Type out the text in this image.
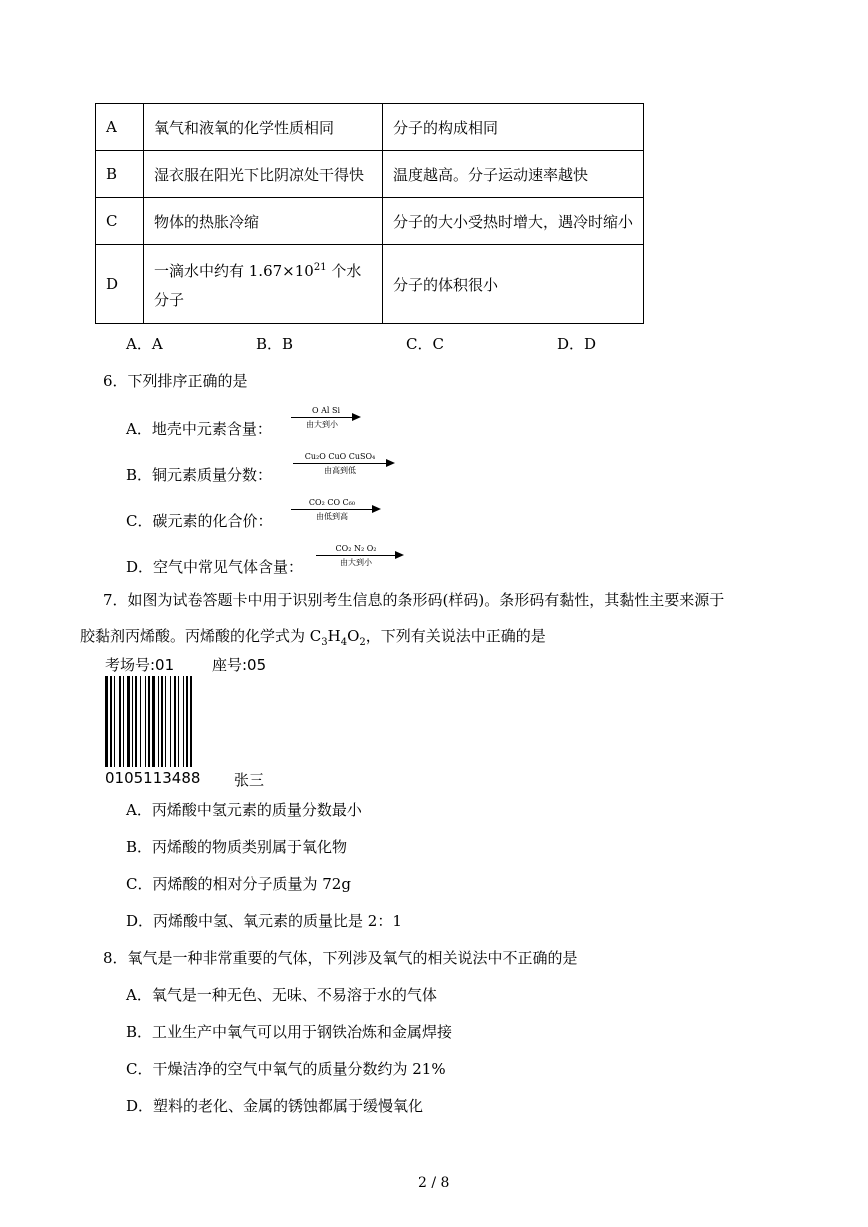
A	氧气和液氧的化学性质相同	分子的构成相同
B	湿衣服在阳光下比阴凉处干得快	温度越高。分子运动速率越快
C	物体的热胀冷缩	分子的大小受热时增大，遇冷时缩小
D	一滴水中约有 $1.67\times 10^{21}$ 个水分子	分子的体积很小
A．A	B．B	C．C	D．D
6．下列排序正确的是
A．地壳中元素含量：
O Al Si
由大到小
B．铜元素质量分数：
Cu₂O CuO CuSO₄
由高到低
C．碳元素的化合价：
CO₂ CO C₆₀
由低到高
D．空气中常见气体含量：
CO₂ N₂ O₂
由大到小
7．如图为试卷答题卡中用于识别考生信息的条形码(样码)。条形码有黏性，其黏性主要来源于
胶黏剂丙烯酸。丙烯酸的化学式为 $C_3H_4O_2$，下列有关说法中正确的是
考场号:01	座号:05
0105113488 张三
A．丙烯酸中氢元素的质量分数最小
B．丙烯酸的物质类别属于氧化物
C．丙烯酸的相对分子质量为 72g
D．丙烯酸中氢、氧元素的质量比是 2：1
8．氧气是一种非常重要的气体，下列涉及氧气的相关说法中不正确的是
A．氧气是一种无色、无味、不易溶于水的气体
B．工业生产中氧气可以用于钢铁冶炼和金属焊接
C．干燥洁净的空气中氧气的质量分数约为 21%
D．塑料的老化、金属的锈蚀都属于缓慢氧化
2 / 8
